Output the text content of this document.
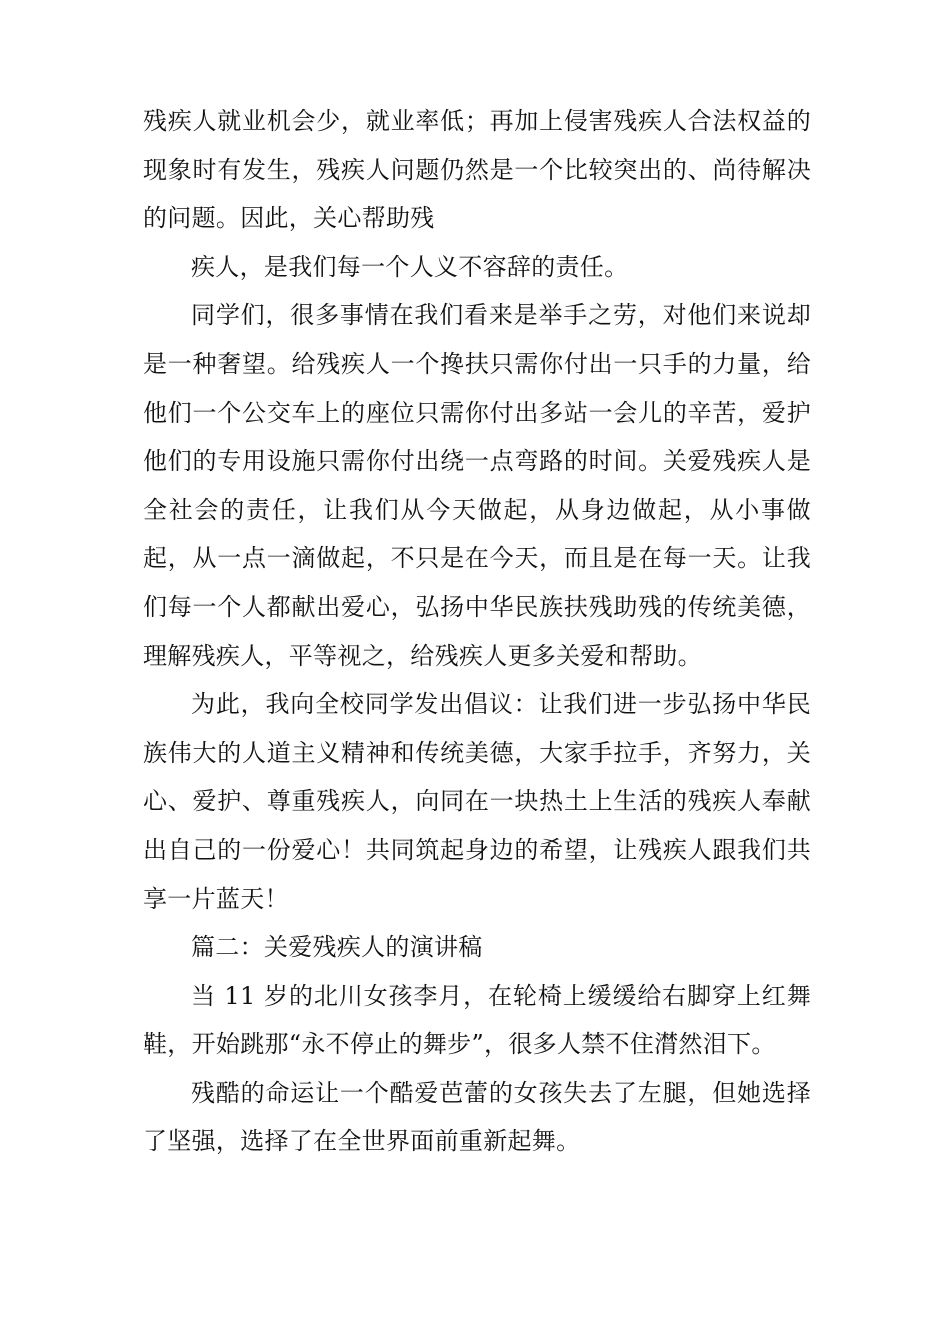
残疾人就业机会少，就业率低；再加上侵害残疾人合法权益的现象时有发生，残疾人问题仍然是一个比较突出的、尚待解决的问题。因此，关心帮助残

疾人，是我们每一个人义不容辞的责任。

同学们，很多事情在我们看来是举手之劳，对他们来说却是一种奢望。给残疾人一个搀扶只需你付出一只手的力量，给他们一个公交车上的座位只需你付出多站一会儿的辛苦，爱护他们的专用设施只需你付出绕一点弯路的时间。关爱残疾人是全社会的责任，让我们从今天做起，从身边做起，从小事做起，从一点一滴做起，不只是在今天，而且是在每一天。让我们每一个人都献出爱心，弘扬中华民族扶残助残的传统美德，理解残疾人，平等视之，给残疾人更多关爱和帮助。

为此，我向全校同学发出倡议：让我们进一步弘扬中华民族伟大的人道主义精神和传统美德，大家手拉手，齐努力，关心、爱护、尊重残疾人，向同在一块热土上生活的残疾人奉献出自己的一份爱心！共同筑起身边的希望，让残疾人跟我们共享一片蓝天！

篇二：关爱残疾人的演讲稿

当 11 岁的北川女孩李月，在轮椅上缓缓给右脚穿上红舞鞋，开始跳那“永不停止的舞步”，很多人禁不住潸然泪下。

残酷的命运让一个酷爱芭蕾的女孩失去了左腿，但她选择了坚强，选择了在全世界面前重新起舞。
